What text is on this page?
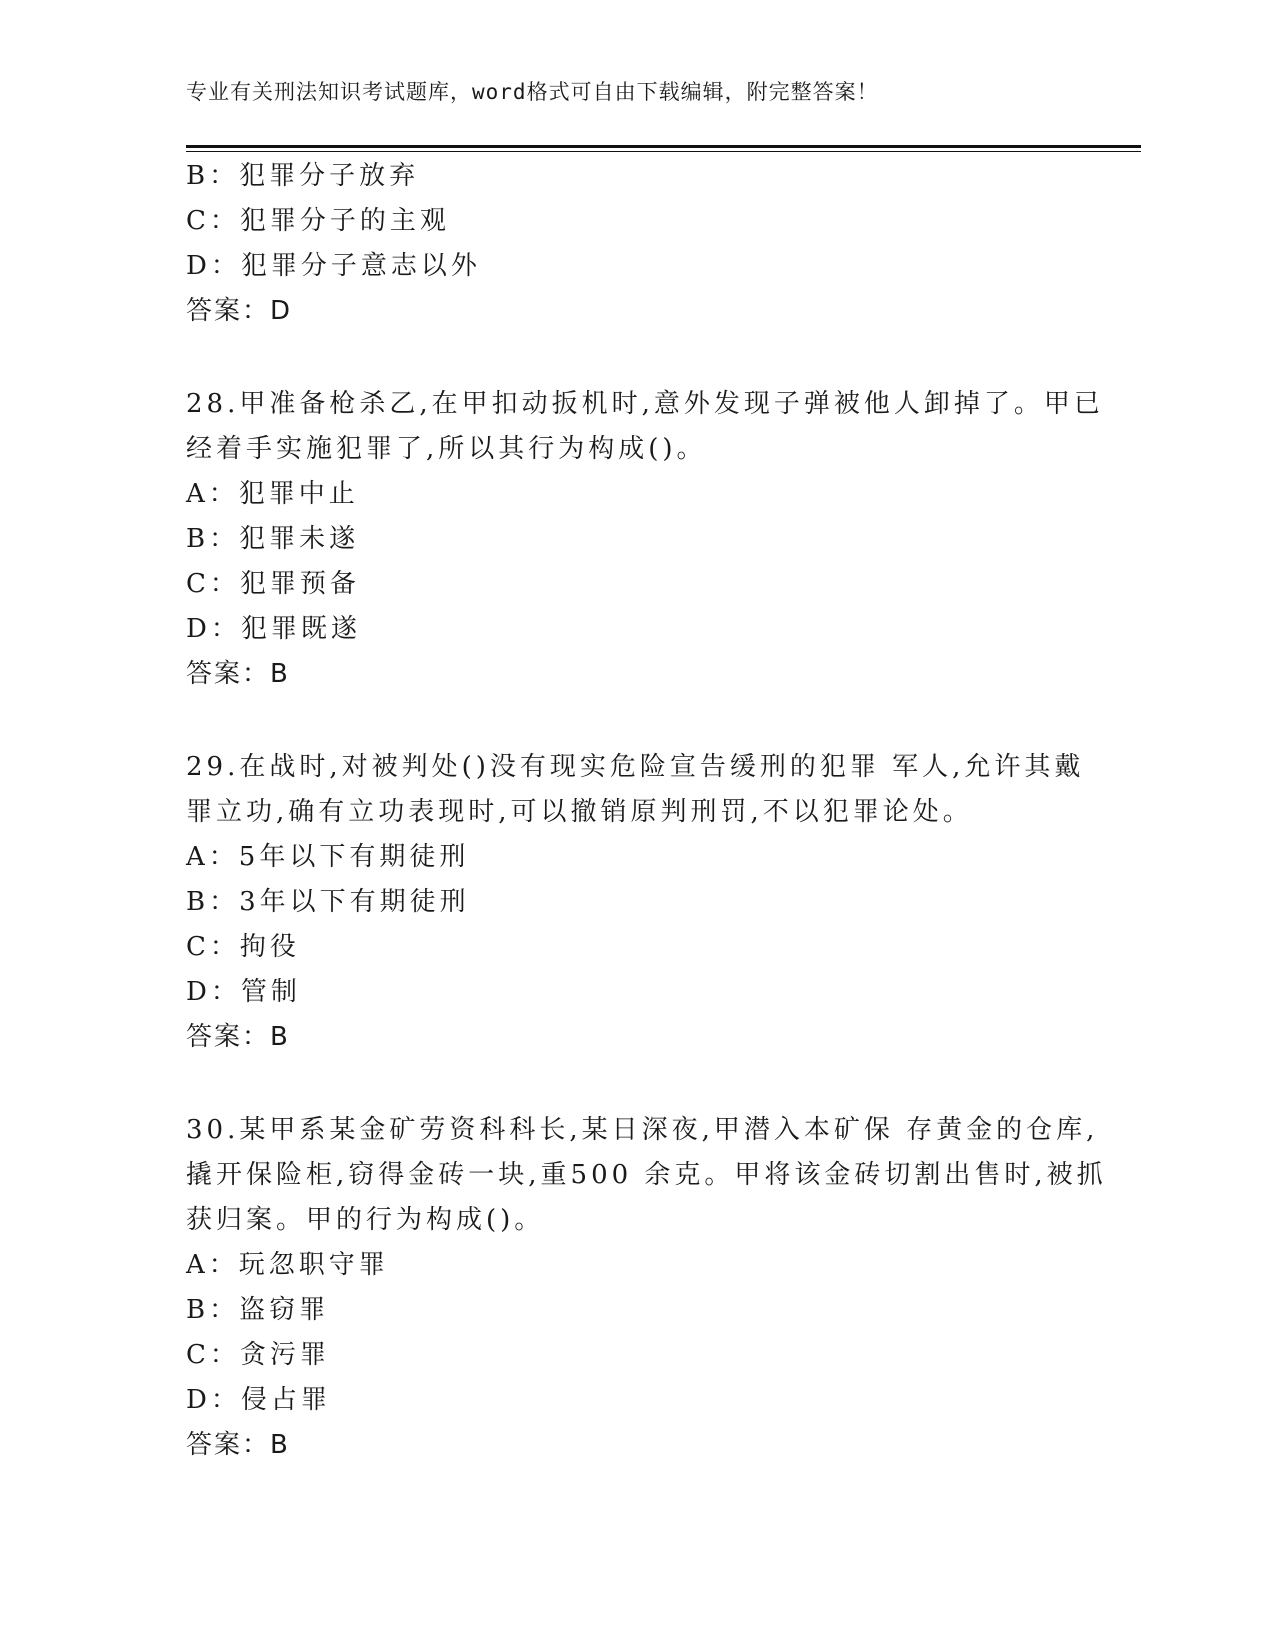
专业有关刑法知识考试题库，word格式可自由下载编辑，附完整答案！
B：犯罪分子放弃
C：犯罪分子的主观
D：犯罪分子意志以外
答案：D
28.甲准备枪杀乙,在甲扣动扳机时,意外发现子弹被他人卸掉了。甲已
经着手实施犯罪了,所以其行为构成()。
A：犯罪中止
B：犯罪未遂
C：犯罪预备
D：犯罪既遂
答案：B
29.在战时,对被判处()没有现实危险宣告缓刑的犯罪 军人,允许其戴
罪立功,确有立功表现时,可以撤销原判刑罚,不以犯罪论处。
A：5年以下有期徒刑
B：3年以下有期徒刑
C：拘役
D：管制
答案：B
30.某甲系某金矿劳资科科长,某日深夜,甲潜入本矿保 存黄金的仓库,
撬开保险柜,窃得金砖一块,重500 余克。甲将该金砖切割出售时,被抓
获归案。甲的行为构成()。
A：玩忽职守罪
B：盗窃罪
C：贪污罪
D：侵占罪
答案：B
